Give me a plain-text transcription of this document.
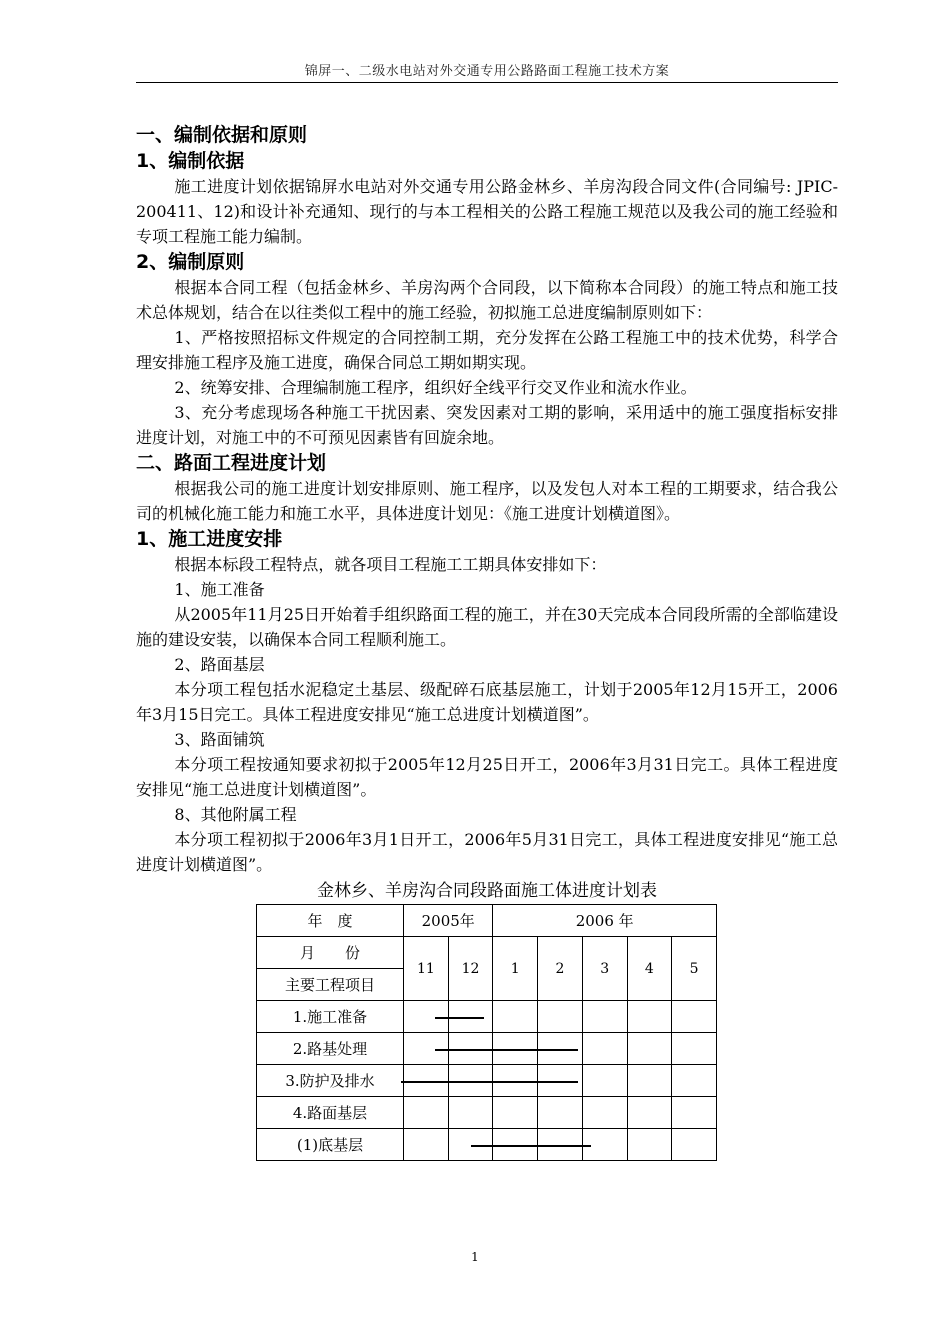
锦屏一、二级水电站对外交通专用公路路面工程施工技术方案
一、编制依据和原则
1、编制依据

施工进度计划依据锦屏水电站对外交通专用公路金林乡、羊房沟段合同文件(合同编号: JPIC-200411、12)和设计补充通知、现行的与本工程相关的公路工程施工规范以及我公司的施工经验和专项工程施工能力编制。

2、编制原则

根据本合同工程（包括金林乡、羊房沟两个合同段，以下简称本合同段）的施工特点和施工技术总体规划，结合在以往类似工程中的施工经验，初拟施工总进度编制原则如下：

1、严格按照招标文件规定的合同控制工期，充分发挥在公路工程施工中的技术优势，科学合理安排施工程序及施工进度，确保合同总工期如期实现。

2、统筹安排、合理编制施工程序，组织好全线平行交叉作业和流水作业。

3、充分考虑现场各种施工干扰因素、突发因素对工期的影响，采用适中的施工强度指标安排进度计划，对施工中的不可预见因素皆有回旋余地。

二、路面工程进度计划

根据我公司的施工进度计划安排原则、施工程序，以及发包人对本工程的工期要求，结合我公司的机械化施工能力和施工水平，具体进度计划见：《施工进度计划横道图》。

1、施工进度安排

根据本标段工程特点，就各项目工程施工工期具体安排如下：

1、施工准备

从2005年11月25日开始着手组织路面工程的施工，并在30天完成本合同段所需的全部临建设施的建设安装，以确保本合同工程顺利施工。

2、路面基层

本分项工程包括水泥稳定土基层、级配碎石底基层施工，计划于2005年12月15开工，2006年3月15日完工。具体工程进度安排见“施工总进度计划横道图”。

3、路面铺筑

本分项工程按通知要求初拟于2005年12月25日开工，2006年3月31日完工。具体工程进度安排见“施工总进度计划横道图”。

8、其他附属工程

本分项工程初拟于2006年3月1日开工，2006年5月31日完工，具体工程进度安排见“施工总进度计划横道图”。

金林乡、羊房沟合同段路面施工体进度计划表
年　度	2005年		2006 年				
月　　份	11	12	1	2	3	4	5
主要工程项目							
1.施工准备							
2.路基处理							
3.防护及排水							
4.路面基层							
(1)底基层							
1
